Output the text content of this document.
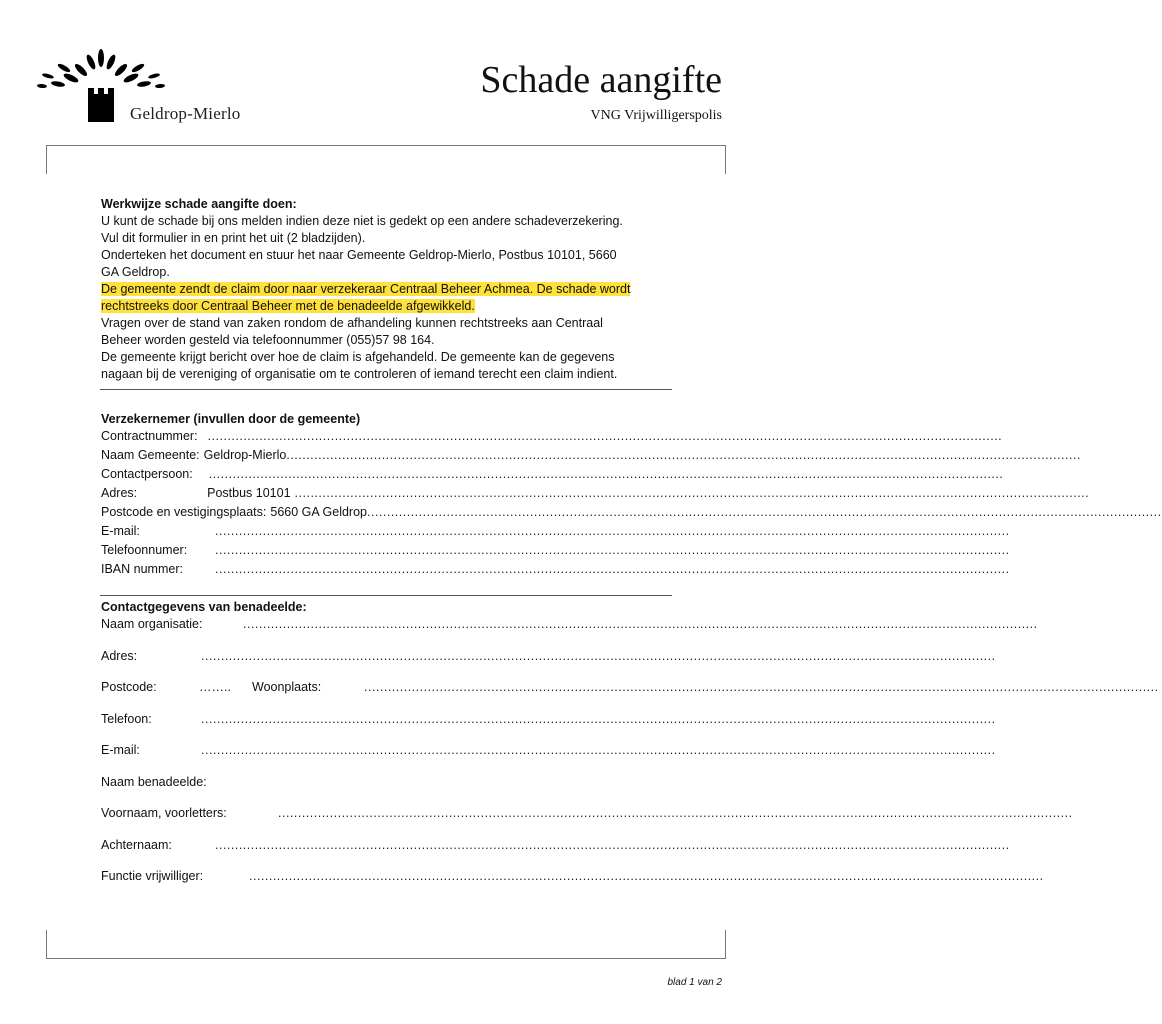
Geldrop-Mierlo
Schade aangifte
VNG Vrijwilligerspolis

Werkwijze schade aangifte doen:

U kunt de schade bij ons melden indien deze niet is gedekt op een andere schadeverzekering.

Vul dit formulier in en print het uit (2 bladzijden).

Onderteken het document en stuur het naar Gemeente Geldrop-Mierlo, Postbus 10101, 5660

GA Geldrop.

De gemeente zendt de claim door naar verzekeraar Centraal Beheer Achmea. De schade wordt

rechtstreeks door Centraal Beheer met de benadeelde afgewikkeld.

Vragen over de stand van zaken rondom de afhandeling kunnen rechtstreeks aan Centraal

Beheer worden gesteld via telefoonnummer (055)57 98 164.

De gemeente krijgt bericht over hoe de claim is afgehandeld. De gemeente kan de gegevens

nagaan bij de vereniging of organisatie om te controleren of iemand terecht een claim indient.

Verzekernemer (invullen door de gemeente)

Contractnummer: ........................................................................................................................................................................................................
Naam Gemeente: Geldrop-Mierlo ........................................................................................................................................................................................................
Contactpersoon: ........................................................................................................................................................................................................
Adres:	Postbus 10101 ........................................................................................................................................................................................................
Postcode en vestigingsplaats: 5660 GA Geldrop ........................................................................................................................................................................................................
E-mail:	........................................................................................................................................................................................................
Telefoonnumer:	........................................................................................................................................................................................................
IBAN nummer:	........................................................................................................................................................................................................

Contactgegevens van benadeelde:

Naam organisatie:	........................................................................................................................................................................................................
Adres:	........................................................................................................................................................................................................
Postcode:	……..	Woonplaats:	........................................................................................................................................................................................................
Telefoon:	........................................................................................................................................................................................................
E-mail:	........................................................................................................................................................................................................
Naam benadeelde:
Voornaam, voorletters:	........................................................................................................................................................................................................
Achternaam:	........................................................................................................................................................................................................
Functie vrijwilliger:	........................................................................................................................................................................................................
blad 1 van 2
